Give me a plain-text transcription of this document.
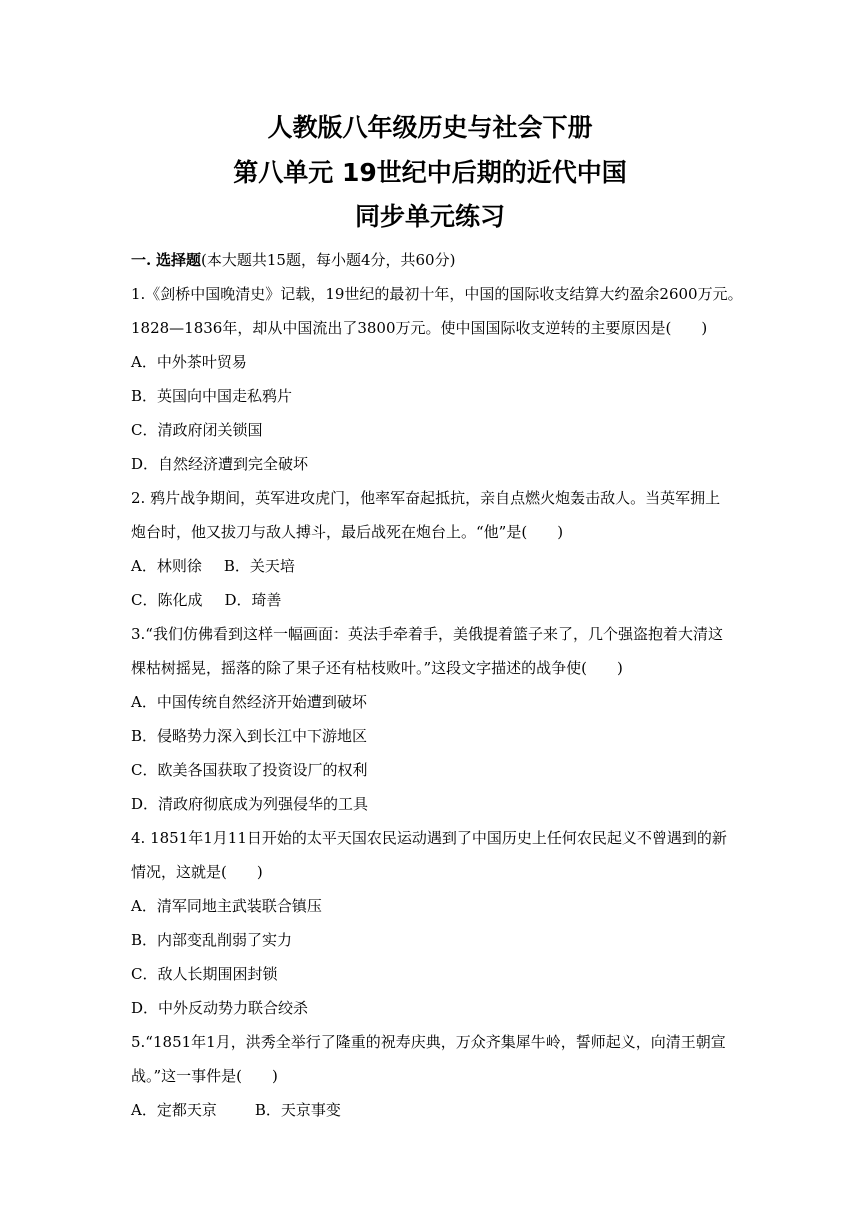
人教版八年级历史与社会下册
第八单元 19世纪中后期的近代中国
同步单元练习

一. 选择题(本大题共15题，每小题4分，共60分)

1.《剑桥中国晚清史》记载，19世纪的最初十年，中国的国际收支结算大约盈余2600万元。

1828—1836年，却从中国流出了3800万元。使中国国际收支逆转的主要原因是(　　)

A．中外茶叶贸易

B．英国向中国走私鸦片

C．清政府闭关锁国

D．自然经济遭到完全破坏

2. 鸦片战争期间，英军进攻虎门，他率军奋起抵抗，亲自点燃火炮轰击敌人。当英军拥上

炮台时，他又拔刀与敌人搏斗，最后战死在炮台上。“他”是(　　)

A．林则徐 B．关天培

C．陈化成 D．琦善

3.“我们仿佛看到这样一幅画面：英法手牵着手，美俄提着篮子来了，几个强盗抱着大清这

棵枯树摇晃，摇落的除了果子还有枯枝败叶。”这段文字描述的战争使(　　)

A．中国传统自然经济开始遭到破坏

B．侵略势力深入到长江中下游地区

C．欧美各国获取了投资设厂的权利

D．清政府彻底成为列强侵华的工具

4. 1851年1月11日开始的太平天国农民运动遇到了中国历史上任何农民起义不曾遇到的新

情况，这就是(　　)

A．清军同地主武装联合镇压

B．内部变乱削弱了实力

C．敌人长期围困封锁

D．中外反动势力联合绞杀

5.“1851年1月，洪秀全举行了隆重的祝寿庆典，万众齐集犀牛岭，誓师起义，向清王朝宣

战。”这一事件是(　　)

A．定都天京	B．天京事变
